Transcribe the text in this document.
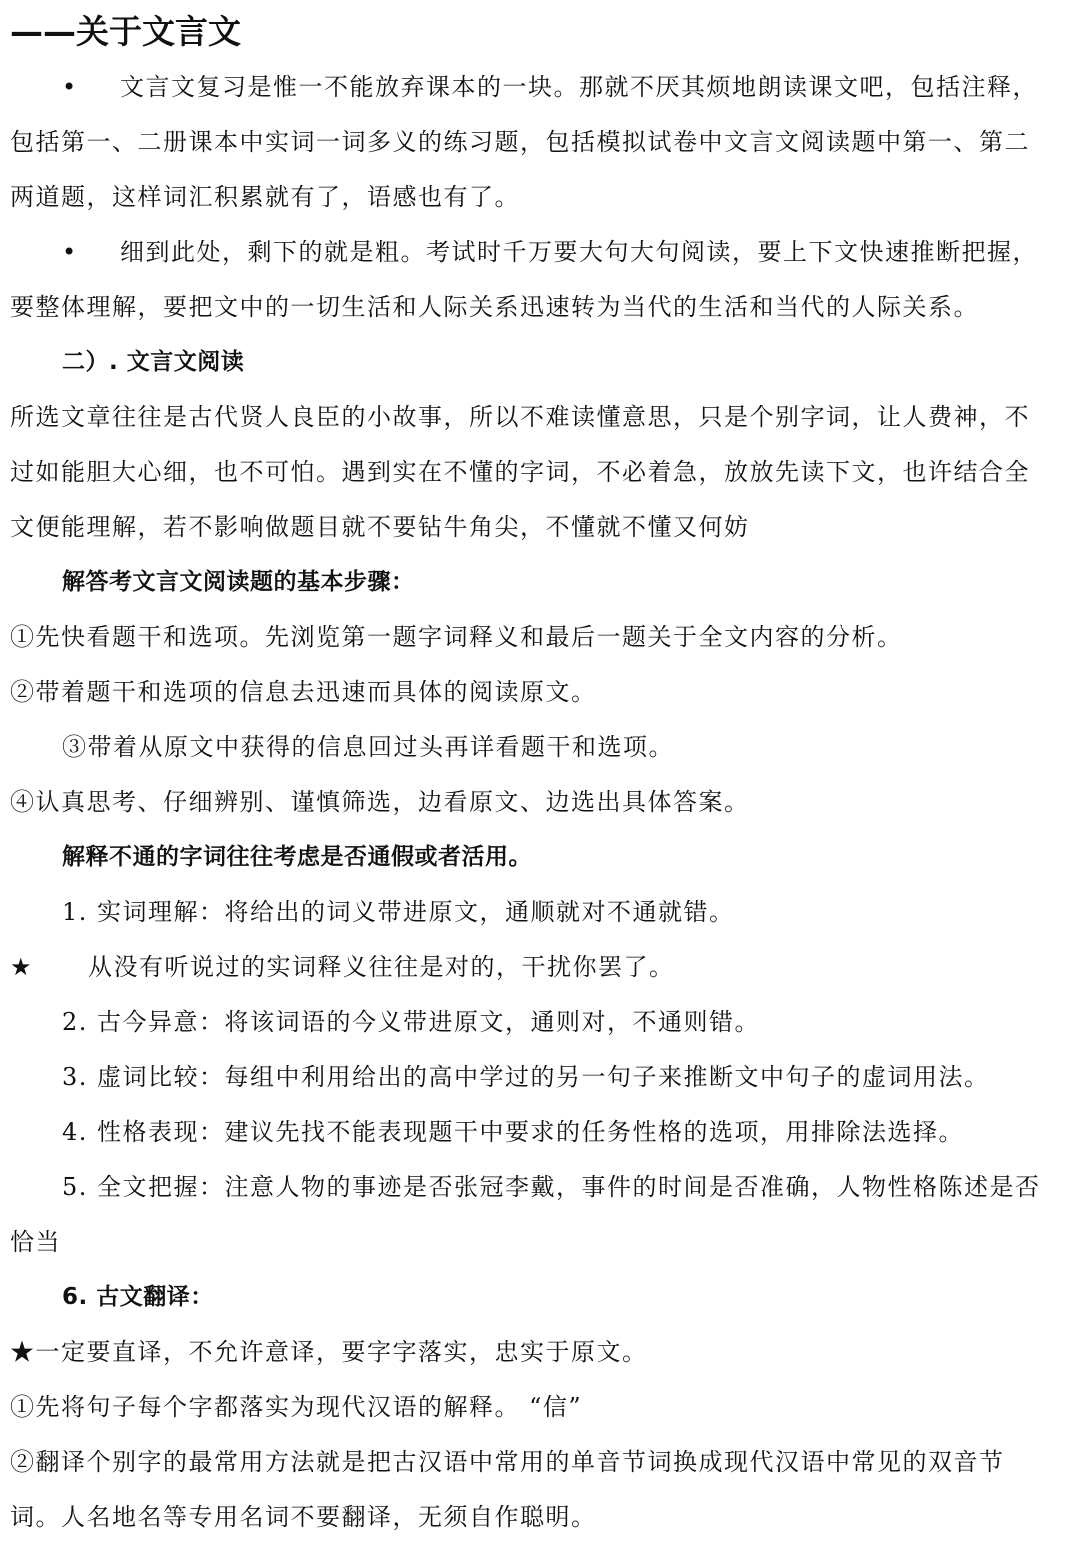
——关于文言文

• 文言文复习是惟一不能放弃课本的一块。那就不厌其烦地朗读课文吧，包括注释，包括第一、二册课本中实词一词多义的练习题，包括模拟试卷中文言文阅读题中第一、第二两道题，这样词汇积累就有了，语感也有了。

• 细到此处，剩下的就是粗。考试时千万要大句大句阅读，要上下文快速推断把握，要整体理解，要把文中的一切生活和人际关系迅速转为当代的生活和当代的人际关系。

二）. 文言文阅读

所选文章往往是古代贤人良臣的小故事，所以不难读懂意思，只是个别字词，让人费神，不过如能胆大心细，也不可怕。遇到实在不懂的字词，不必着急，放放先读下文，也许结合全文便能理解，若不影响做题目就不要钻牛角尖，不懂就不懂又何妨

解答考文言文阅读题的基本步骤：

①先快看题干和选项。先浏览第一题字词释义和最后一题关于全文内容的分析。

②带着题干和选项的信息去迅速而具体的阅读原文。

③带着从原文中获得的信息回过头再详看题干和选项。

④认真思考、仔细辨别、谨慎筛选，边看原文、边选出具体答案。

解释不通的字词往往考虑是否通假或者活用。

1. 实词理解：将给出的词义带进原文，通顺就对不通就错。

★ 从没有听说过的实词释义往往是对的，干扰你罢了。

2. 古今异意：将该词语的今义带进原文，通则对，不通则错。

3. 虚词比较：每组中利用给出的高中学过的另一句子来推断文中句子的虚词用法。

4. 性格表现：建议先找不能表现题干中要求的任务性格的选项，用排除法选择。

5. 全文把握：注意人物的事迹是否张冠李戴，事件的时间是否准确，人物性格陈述是否恰当

6. 古文翻译：

★一定要直译，不允许意译，要字字落实，忠实于原文。

①先将句子每个字都落实为现代汉语的解释。 “信”

②翻译个别字的最常用方法就是把古汉语中常用的单音节词换成现代汉语中常见的双音节词。人名地名等专用名词不要翻译，无须自作聪明。
